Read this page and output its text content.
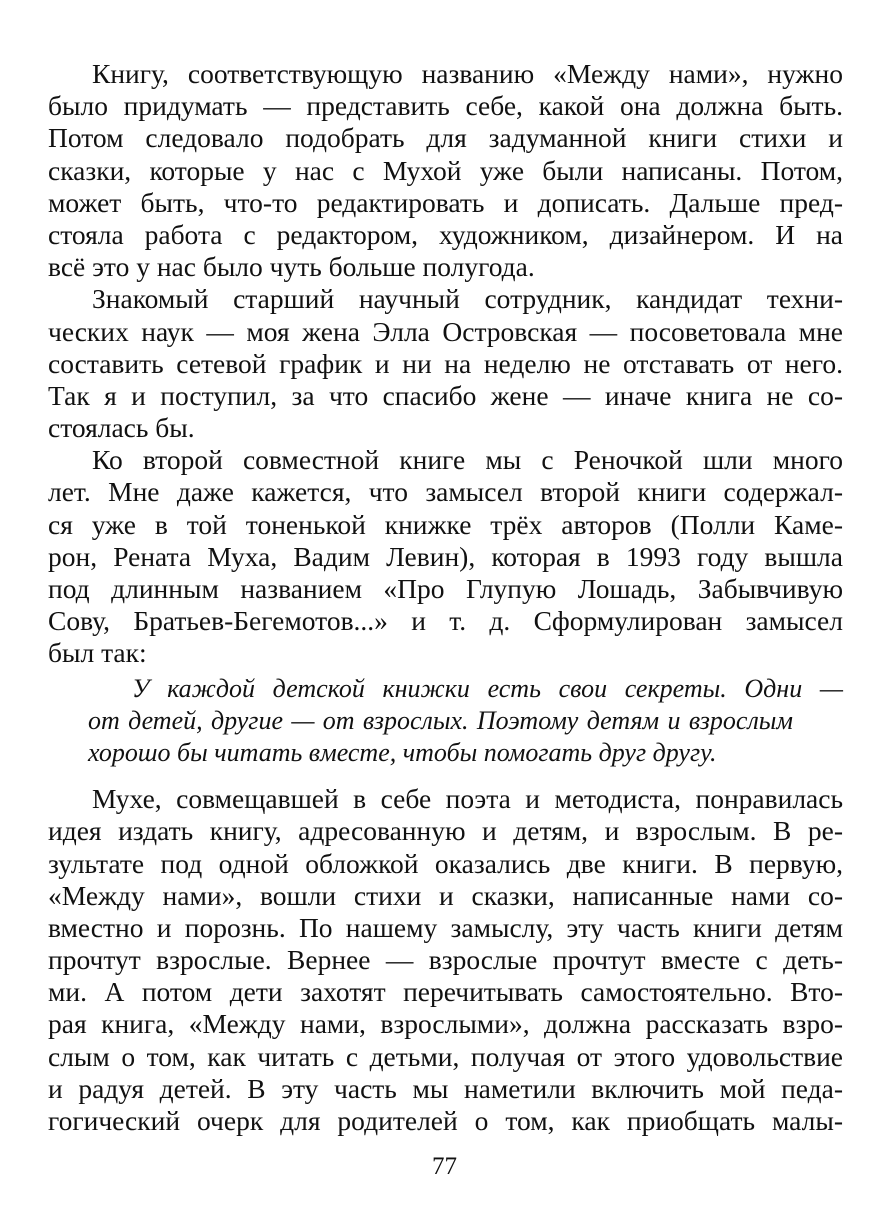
Книгу, соответствующую названию «Между нами», нужно
было придумать — представить себе, какой она должна быть.
Потом следовало подобрать для задуманной книги стихи и
сказки, которые у нас с Мухой уже были написаны. Потом,
может быть, что-то редактировать и дописать. Дальше пред-
стояла работа с редактором, художником, дизайнером. И на
всё это у нас было чуть больше полугода.
Знакомый старший научный сотрудник, кандидат техни-
ческих наук — моя жена Элла Островская — посоветовала мне
составить сетевой график и ни на неделю не отставать от него.
Так я и поступил, за что спасибо жене — иначе книга не со-
стоялась бы.
Ко второй совместной книге мы с Реночкой шли много
лет. Мне даже кажется, что замысел второй книги содержал-
ся уже в той тоненькой книжке трёх авторов (Полли Камe-
рон, Рената Муха, Вадим Левин), которая в 1993 году вышла
под длинным названием «Про Глупую Лошадь, Забывчивую
Сову, Братьев-Бегемотов...» и т. д. Сформулирован замысел
был так:
У каждой детской книжки есть свои секреты. Одни —
от детей, другие — от взрослых. Поэтому детям и взрослым
хорошо бы читать вместе, чтобы помогать друг другу.
Мухе, совмещавшей в себе поэта и методиста, понравилась
идея издать книгу, адресованную и детям, и взрослым. В ре-
зультате под одной обложкой оказались две книги. В первую,
«Между нами», вошли стихи и сказки, написанные нами со-
вместно и порознь. По нашему замыслу, эту часть книги детям
прочтут взрослые. Вернее — взрослые прочтут вместе с деть-
ми. А потом дети захотят перечитывать самостоятельно. Вто-
рая книга, «Между нами, взрослыми», должна рассказать взро-
слым о том, как читать с детьми, получая от этого удовольствие
и радуя детей. В эту часть мы наметили включить мой педа-
гогический очерк для родителей о том, как приобщать малы-
77
